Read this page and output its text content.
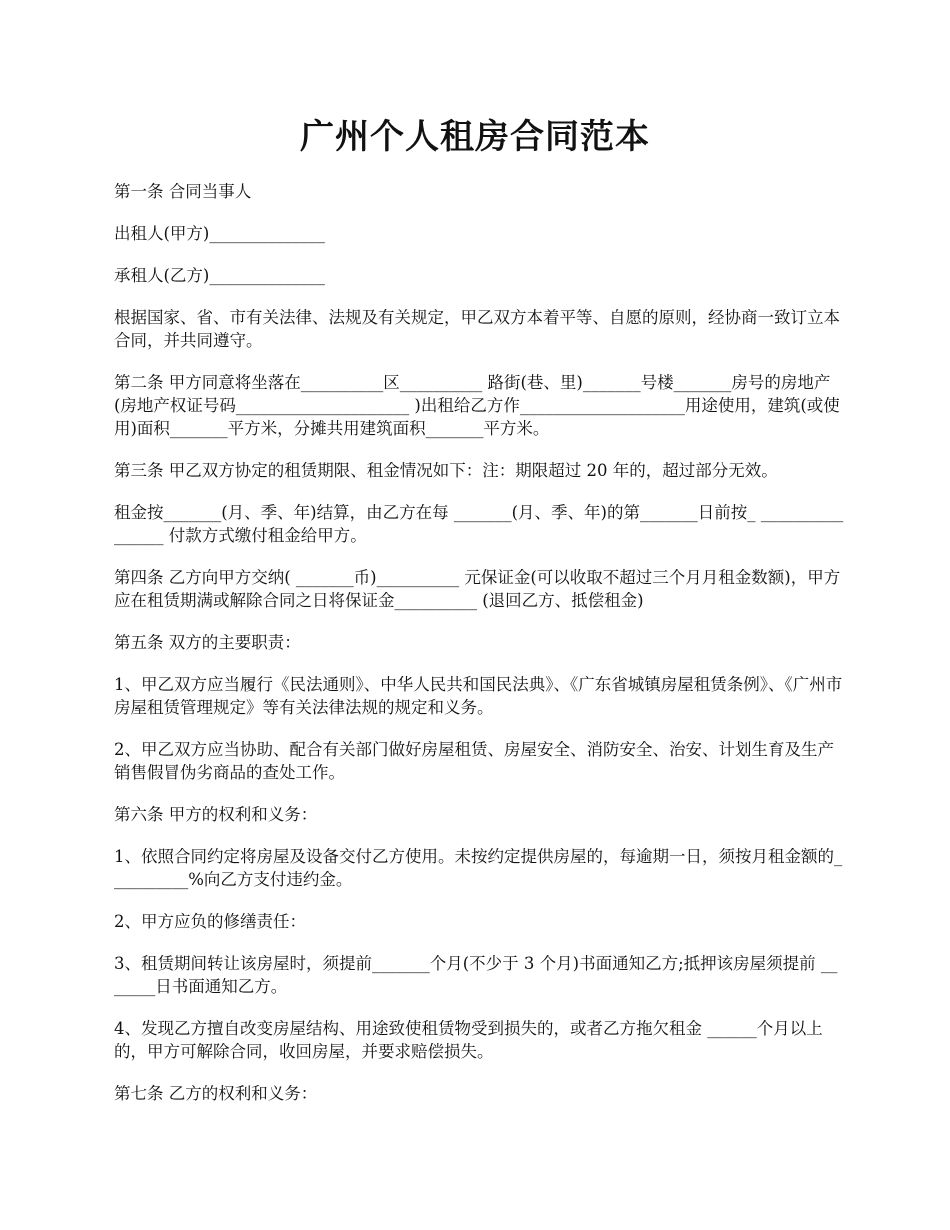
广州个人租房合同范本

第一条 合同当事人

出租人(甲方)______________

承租人(乙方)______________

根据国家、省、市有关法律、法规及有关规定，甲乙双方本着平等、自愿的原则，经协商一致订立本合同，并共同遵守。

第二条 甲方同意将坐落在__________区__________ 路街(巷、里)_______号楼_______房号的房地产(房地产权证号码_____________________ )出租给乙方作____________________用途使用，建筑(或使用)面积_______平方米，分摊共用建筑面积_______平方米。

第三条 甲乙双方协定的租赁期限、租金情况如下：注：期限超过 20 年的，超过部分无效。

租金按_______(月、季、年)结算，由乙方在每 _______(月、季、年)的第_______日前按_ ________________ 付款方式缴付租金给甲方。

第四条 乙方向甲方交纳( _______币)__________ 元保证金(可以收取不超过三个月月租金数额)，甲方应在租赁期满或解除合同之日将保证金__________ (退回乙方、抵偿租金)

第五条 双方的主要职责：

1、甲乙双方应当履行《民法通则》、中华人民共和国民法典》、《广东省城镇房屋租赁条例》、《广州市房屋租赁管理规定》等有关法律法规的规定和义务。

2、甲乙双方应当协助、配合有关部门做好房屋租赁、房屋安全、消防安全、治安、计划生育及生产销售假冒伪劣商品的查处工作。

第六条 甲方的权利和义务：

1、依照合同约定将房屋及设备交付乙方使用。未按约定提供房屋的，每逾期一日，须按月租金额的__________%向乙方支付违约金。

2、甲方应负的修缮责任：

3、租赁期间转让该房屋时，须提前_______个月(不少于 3 个月)书面通知乙方;抵押该房屋须提前 _______日书面通知乙方。

4、发现乙方擅自改变房屋结构、用途致使租赁物受到损失的，或者乙方拖欠租金 ______个月以上的，甲方可解除合同，收回房屋，并要求赔偿损失。

第七条 乙方的权利和义务：
